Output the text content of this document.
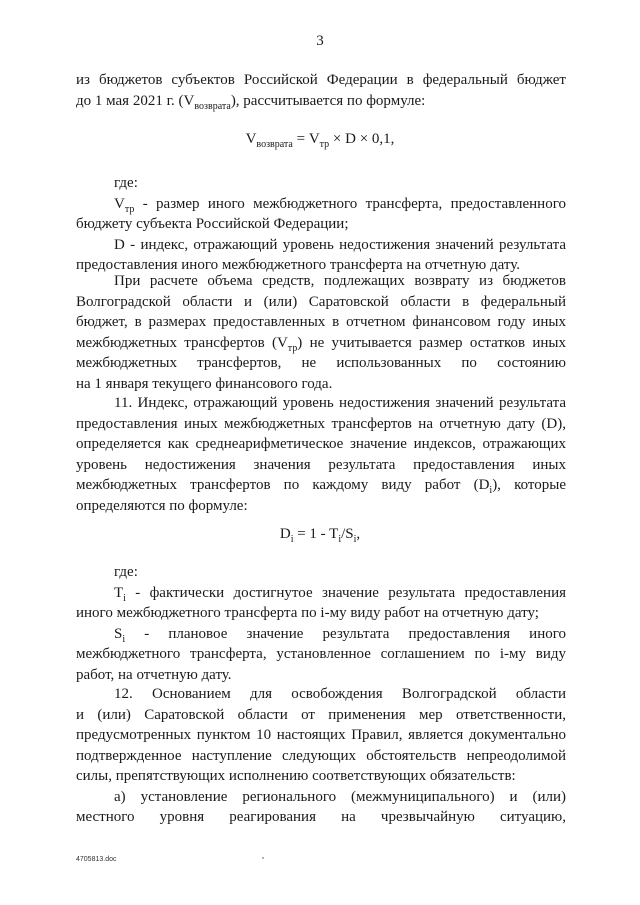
3
из бюджетов субъектов Российской Федерации в федеральный бюджет
до 1 мая 2021 г. $(V_{возврата})$, рассчитывается по формуле:
$V_{возврата} = V_{тр} \times D \times 0,1$,
где:
$V_{тр}$ - размер иного межбюджетного трансферта, предоставленного
бюджету субъекта Российской Федерации;
D - индекс, отражающий уровень недостижения значений результата
предоставления иного межбюджетного трансферта на отчетную дату.
При расчете объема средств, подлежащих возврату из бюджетов
Волгоградской области и (или) Саратовской области в федеральный
бюджет, в размерах предоставленных в отчетном финансовом году иных
межбюджетных трансфертов $(V_{тр})$ не учитывается размер остатков иных
межбюджетных трансфертов, не использованных по состоянию
на 1 января текущего финансового года.
11. Индекс, отражающий уровень недостижения значений результата
предоставления иных межбюджетных трансфертов на отчетную дату (D),
определяется как среднеарифметическое значение индексов, отражающих
уровень недостижения значения результата предоставления иных
межбюджетных трансфертов по каждому виду работ $(D_i)$, которые
определяются по формуле:
$D_i = 1 - T_i/S_i$,
где:
$T_i$ - фактически достигнутое значение результата предоставления
иного межбюджетного трансферта по i-му виду работ на отчетную дату;
$S_i$ - плановое значение результата предоставления иного
межбюджетного трансферта, установленное соглашением по i-му виду
работ, на отчетную дату.
12. Основанием для освобождения Волгоградской области
и (или) Саратовской области от применения мер ответственности,
предусмотренных пунктом 10 настоящих Правил, является документально
подтвержденное наступление следующих обстоятельств непреодолимой
силы, препятствующих исполнению соответствующих обязательств:
а) установление регионального (межмуниципального) и (или)
местного уровня реагирования на чрезвычайную ситуацию,
4705813.doc
